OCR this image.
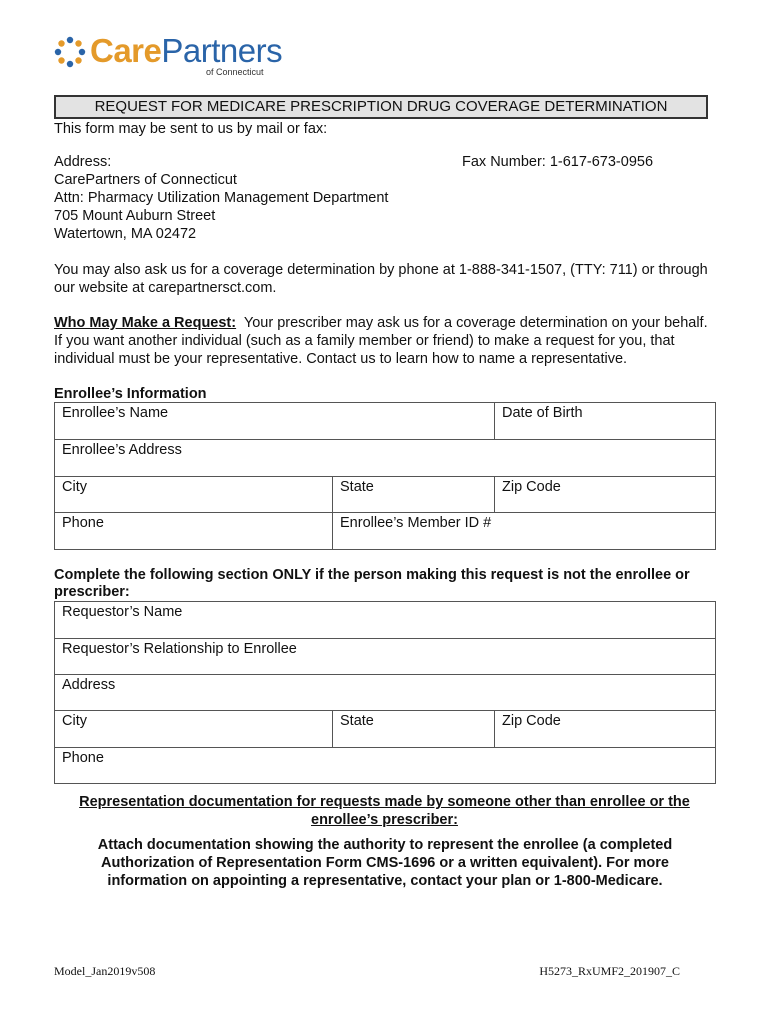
CarePartners
of Connecticut
REQUEST FOR MEDICARE PRESCRIPTION DRUG COVERAGE DETERMINATION

This form may be sent to us by mail or fax:

Address:
CarePartners of Connecticut
Attn: Pharmacy Utilization Management Department
705 Mount Auburn Street
Watertown, MA 02472
Fax Number: 1-617-673-0956

You may also ask us for a coverage determination by phone at 1-888-341-1507, (TTY: 711) or through our website at carepartnersct.com.

Who May Make a Request: Your prescriber may ask us for a coverage determination on your behalf. If you want another individual (such as a family member or friend) to make a request for you, that individual must be your representative. Contact us to learn how to name a representative.

Enrollee’s Information

Enrollee’s Name		Date of Birth
Enrollee’s Address		
City	State	Zip Code
Phone	Enrollee’s Member ID #	

Complete the following section ONLY if the person making this request is not the enrollee or prescriber:

Requestor’s Name
Requestor’s Relationship to Enrollee
Address
City	State	Zip Code
Phone

Representation documentation for requests made by someone other than enrollee or the enrollee’s prescriber:

Attach documentation showing the authority to represent the enrollee (a completed Authorization of Representation Form CMS-1696 or a written equivalent). For more information on appointing a representative, contact your plan or 1-800-Medicare.

Model_Jan2019v508	H5273_RxUMF2_201907_C
